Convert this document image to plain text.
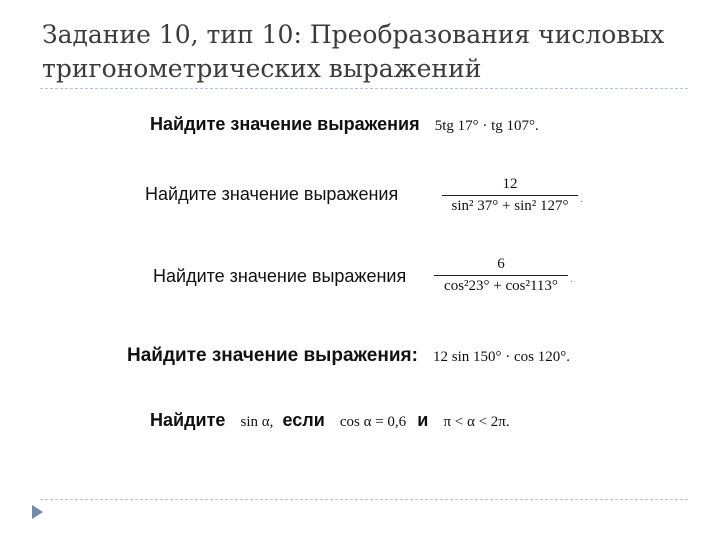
Задание 10, тип 10: Преобразования числовых тригонометрических выражений
Найдите значение выражения 5tg 17° · tg 107°.
Найдите значение выражения	12
sin² 37° + sin² 127°	.
Найдите значение выражения
6
cos²23° + cos²113°	.
Найдите значение выражения: 12 sin 150° · cos 120°.
Найдите sin α, если cos α = 0,6 и π < α < 2π.
